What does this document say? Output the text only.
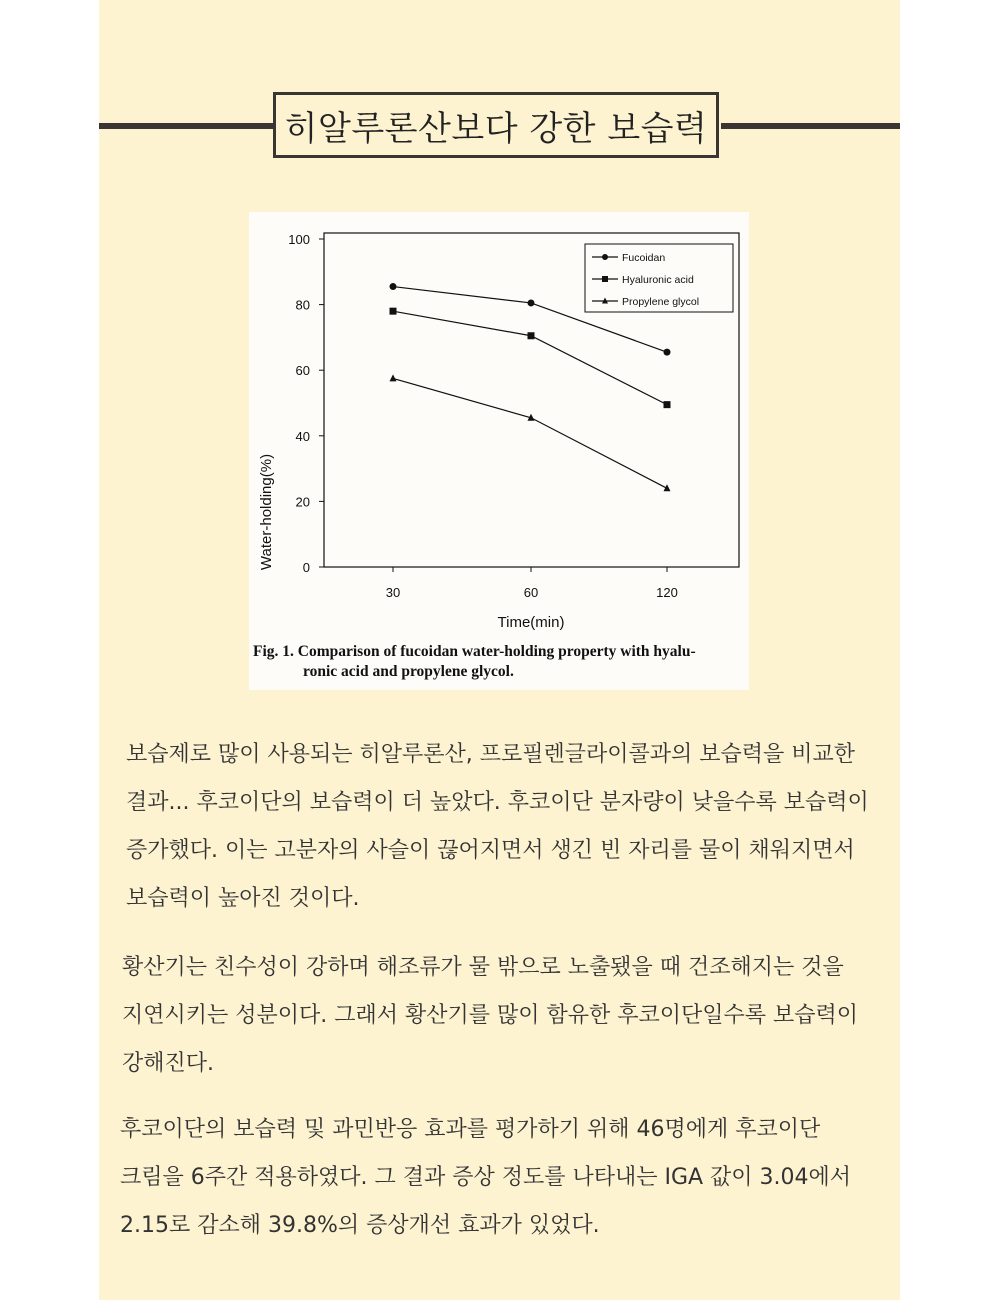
히알루론산보다 강한 보습력
0
20
40
60
80
100
30	60	120
Fucoidan
Hyaluronic acid
Propylene glycol
Water-holding(%)
Time(min)
Fig. 1. Comparison of fucoidan water-holding property with hyalu-
ronic acid and propylene glycol.
보습제로 많이 사용되는 히알루론산, 프로필렌글라이콜과의 보습력을 비교한
결과... 후코이단의 보습력이 더 높았다. 후코이단 분자량이 낮을수록 보습력이
증가했다. 이는 고분자의 사슬이 끊어지면서 생긴 빈 자리를 물이 채워지면서
보습력이 높아진 것이다.
황산기는 친수성이 강하며 해조류가 물 밖으로 노출됐을 때 건조해지는 것을
지연시키는 성분이다. 그래서 황산기를 많이 함유한 후코이단일수록 보습력이
강해진다.
후코이단의 보습력 및 과민반응 효과를 평가하기 위해 46명에게 후코이단
크림을 6주간 적용하였다. 그 결과 증상 정도를 나타내는 IGA 값이 3.04에서
2.15로 감소해 39.8%의 증상개선 효과가 있었다.
